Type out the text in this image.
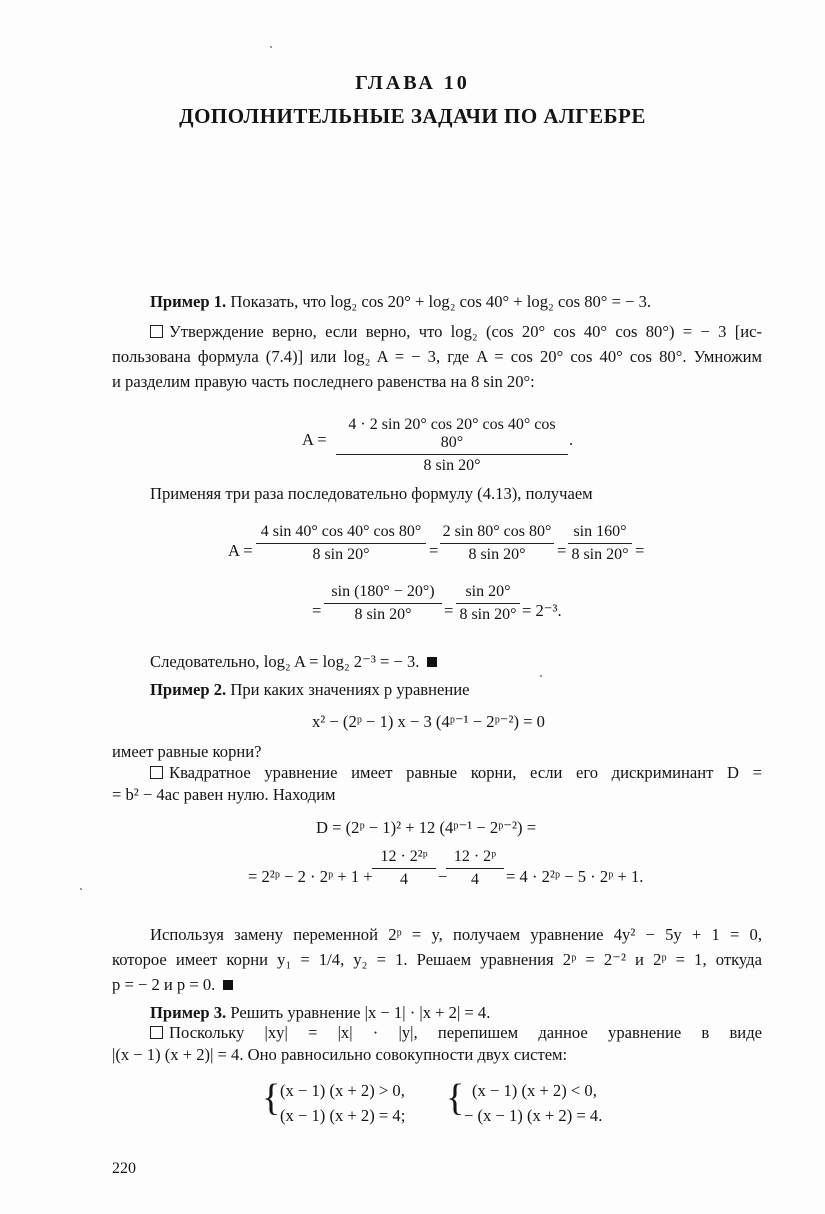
ГЛАВА 10
ДОПОЛНИТЕЛЬНЫЕ ЗАДАЧИ ПО АЛГЕБРЕ
Пример 1. Показать, что log₂ cos 20° + log₂ cos 40° + log₂ cos 80° = − 3.
Утверждение верно, если верно, что log₂ (cos 20° cos 40° cos 80°) = − 3 [ис-
пользована формула (7.4)] или log₂ A = − 3, где A = cos 20° cos 40° cos 80°. Умножим
и разделим правую часть последнего равенства на 8 sin 20°:
A =
4 · 2 sin 20° cos 20° cos 40° cos 80°
8 sin 20°
.
Применяя три раза последовательно формулу (4.13), получаем
A =
4 sin 40° cos 40° cos 80°
8 sin 20°	=
2 sin 80° cos 80°
8 sin 20°	=
sin 160°
8 sin 20° =
=
sin (180° − 20°)
8 sin 20°	=
sin 20°
8 sin 20° = 2⁻³.
Следовательно, log₂ A = log₂ 2⁻³ = − 3.
Пример 2. При каких значениях p уравнение
x² − (2ᵖ − 1) x − 3 (4ᵖ⁻¹ − 2ᵖ⁻²) = 0
имеет равные корни?
Квадратное уравнение имеет равные корни, если его дискриминант D =
= b² − 4ac равен нулю. Находим
D = (2ᵖ − 1)² + 12 (4ᵖ⁻¹ − 2ᵖ⁻²) =
= 2²ᵖ − 2 · 2ᵖ + 1 +
12 · 2²ᵖ
4	−
12 · 2ᵖ
4	= 4 · 2²ᵖ − 5 · 2ᵖ + 1.
Используя замену переменной 2ᵖ = y, получаем уравнение 4y² − 5y + 1 = 0,
которое имеет корни y₁ = 1/4, y₂ = 1. Решаем уравнения 2ᵖ = 2⁻² и 2ᵖ = 1, откуда
p = − 2 и p = 0.
Пример 3. Решить уравнение |x − 1| · |x + 2| = 4.
Поскольку |xy| = |x| · |y|, перепишем данное уравнение в виде
|(x − 1) (x + 2)| = 4. Оно равносильно совокупности двух систем:
{ (x − 1) (x + 2) > 0,
(x − 1) (x + 2) = 4; { (x − 1) (x + 2) < 0,
− (x − 1) (x + 2) = 4.
220
